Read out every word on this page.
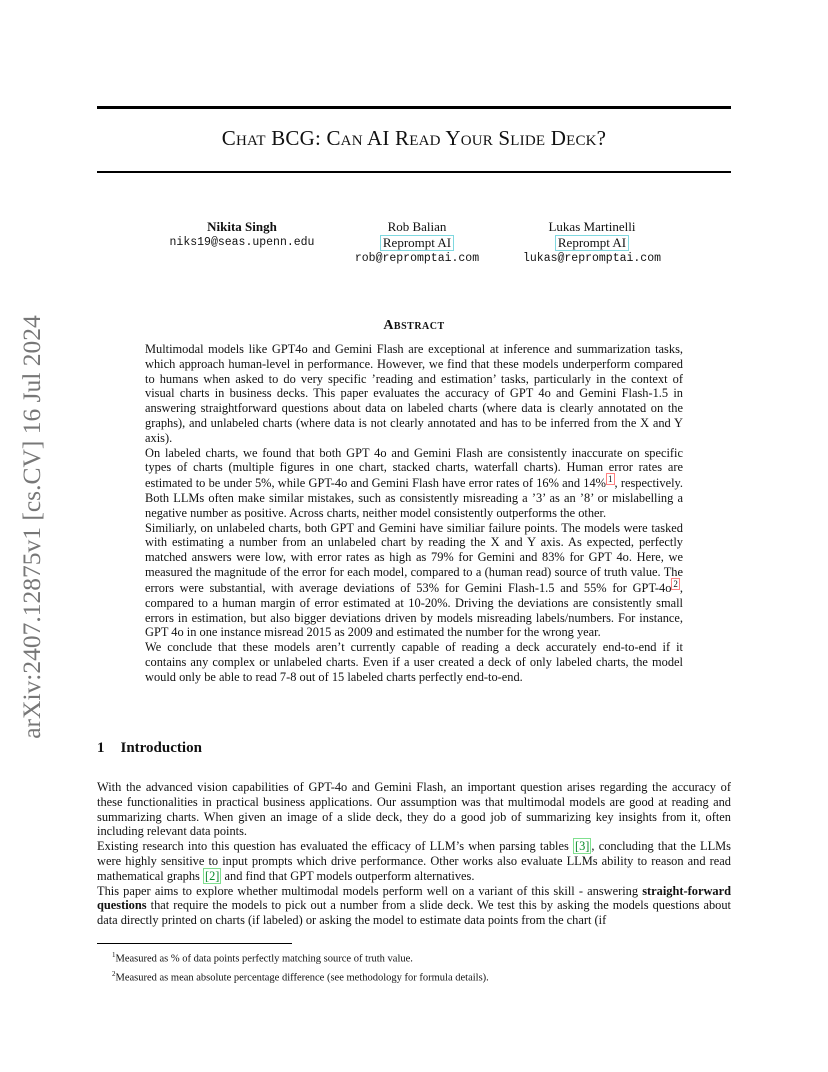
arXiv:2407.12875v1 [cs.CV] 16 Jul 2024
Chat BCG: Can AI Read Your Slide Deck?
Nikita Singh
niks19@seas.upenn.edu
Rob Balian
Reprompt AI
rob@repromptai.com
Lukas Martinelli
Reprompt AI
lukas@repromptai.com
Abstract

Multimodal models like GPT4o and Gemini Flash are exceptional at inference and summarization tasks, which approach human-level in performance. However, we find that these models underperform compared to humans when asked to do very specific ’reading and estimation’ tasks, particularly in the context of visual charts in business decks. This paper evaluates the accuracy of GPT 4o and Gemini Flash-1.5 in answering straightforward questions about data on labeled charts (where data is clearly annotated on the graphs), and unlabeled charts (where data is not clearly annotated and has to be inferred from the X and Y axis).

On labeled charts, we found that both GPT 4o and Gemini Flash are consistently inaccurate on specific types of charts (multiple figures in one chart, stacked charts, waterfall charts). Human error rates are estimated to be under 5%, while GPT-4o and Gemini Flash have error rates of 16% and 14% $^1$ , respectively. Both LLMs often make similar mistakes, such as consistently misreading a ’3’ as an ’8’ or mislabelling a negative number as positive. Across charts, neither model consistently outperforms the other.

Similiarly, on unlabeled charts, both GPT and Gemini have similiar failure points. The models were tasked with estimating a number from an unlabeled chart by reading the X and Y axis. As expected, perfectly matched answers were low, with error rates as high as 79% for Gemini and 83% for GPT 4o. Here, we measured the magnitude of the error for each model, compared to a (human read) source of truth value. The errors were substantial, with average deviations of 53% for Gemini Flash-1.5 and 55% for GPT-4o $^2$ , compared to a human margin of error estimated at 10-20%. Driving the deviations are consistently small errors in estimation, but also bigger deviations driven by models misreading labels/numbers. For instance, GPT 4o in one instance misread 2015 as 2009 and estimated the number for the wrong year.

We conclude that these models aren’t currently capable of reading a deck accurately end-to-end if it contains any complex or unlabeled charts. Even if a user created a deck of only labeled charts, the model would only be able to read 7-8 out of 15 labeled charts perfectly end-to-end.

1 Introduction

With the advanced vision capabilities of GPT-4o and Gemini Flash, an important question arises regarding the accuracy of these functionalities in practical business applications. Our assumption was that multimodal models are good at reading and summarizing charts. When given an image of a slide deck, they do a good job of summarizing key insights from it, often including relevant data points.

Existing research into this question has evaluated the efficacy of LLM’s when parsing tables [3] , concluding that the LLMs were highly sensitive to input prompts which drive performance. Other works also evaluate LLMs ability to reason and read mathematical graphs [2] and find that GPT models outperform alternatives.

This paper aims to explore whether multimodal models perform well on a variant of this skill - answering straight-forward questions that require the models to pick out a number from a slide deck. We test this by asking the models questions about data directly printed on charts (if labeled) or asking the model to estimate data points from the chart (if

$^1$Measured as % of data points perfectly matching source of truth value.
$^2$Measured as mean absolute percentage difference (see methodology for formula details).
